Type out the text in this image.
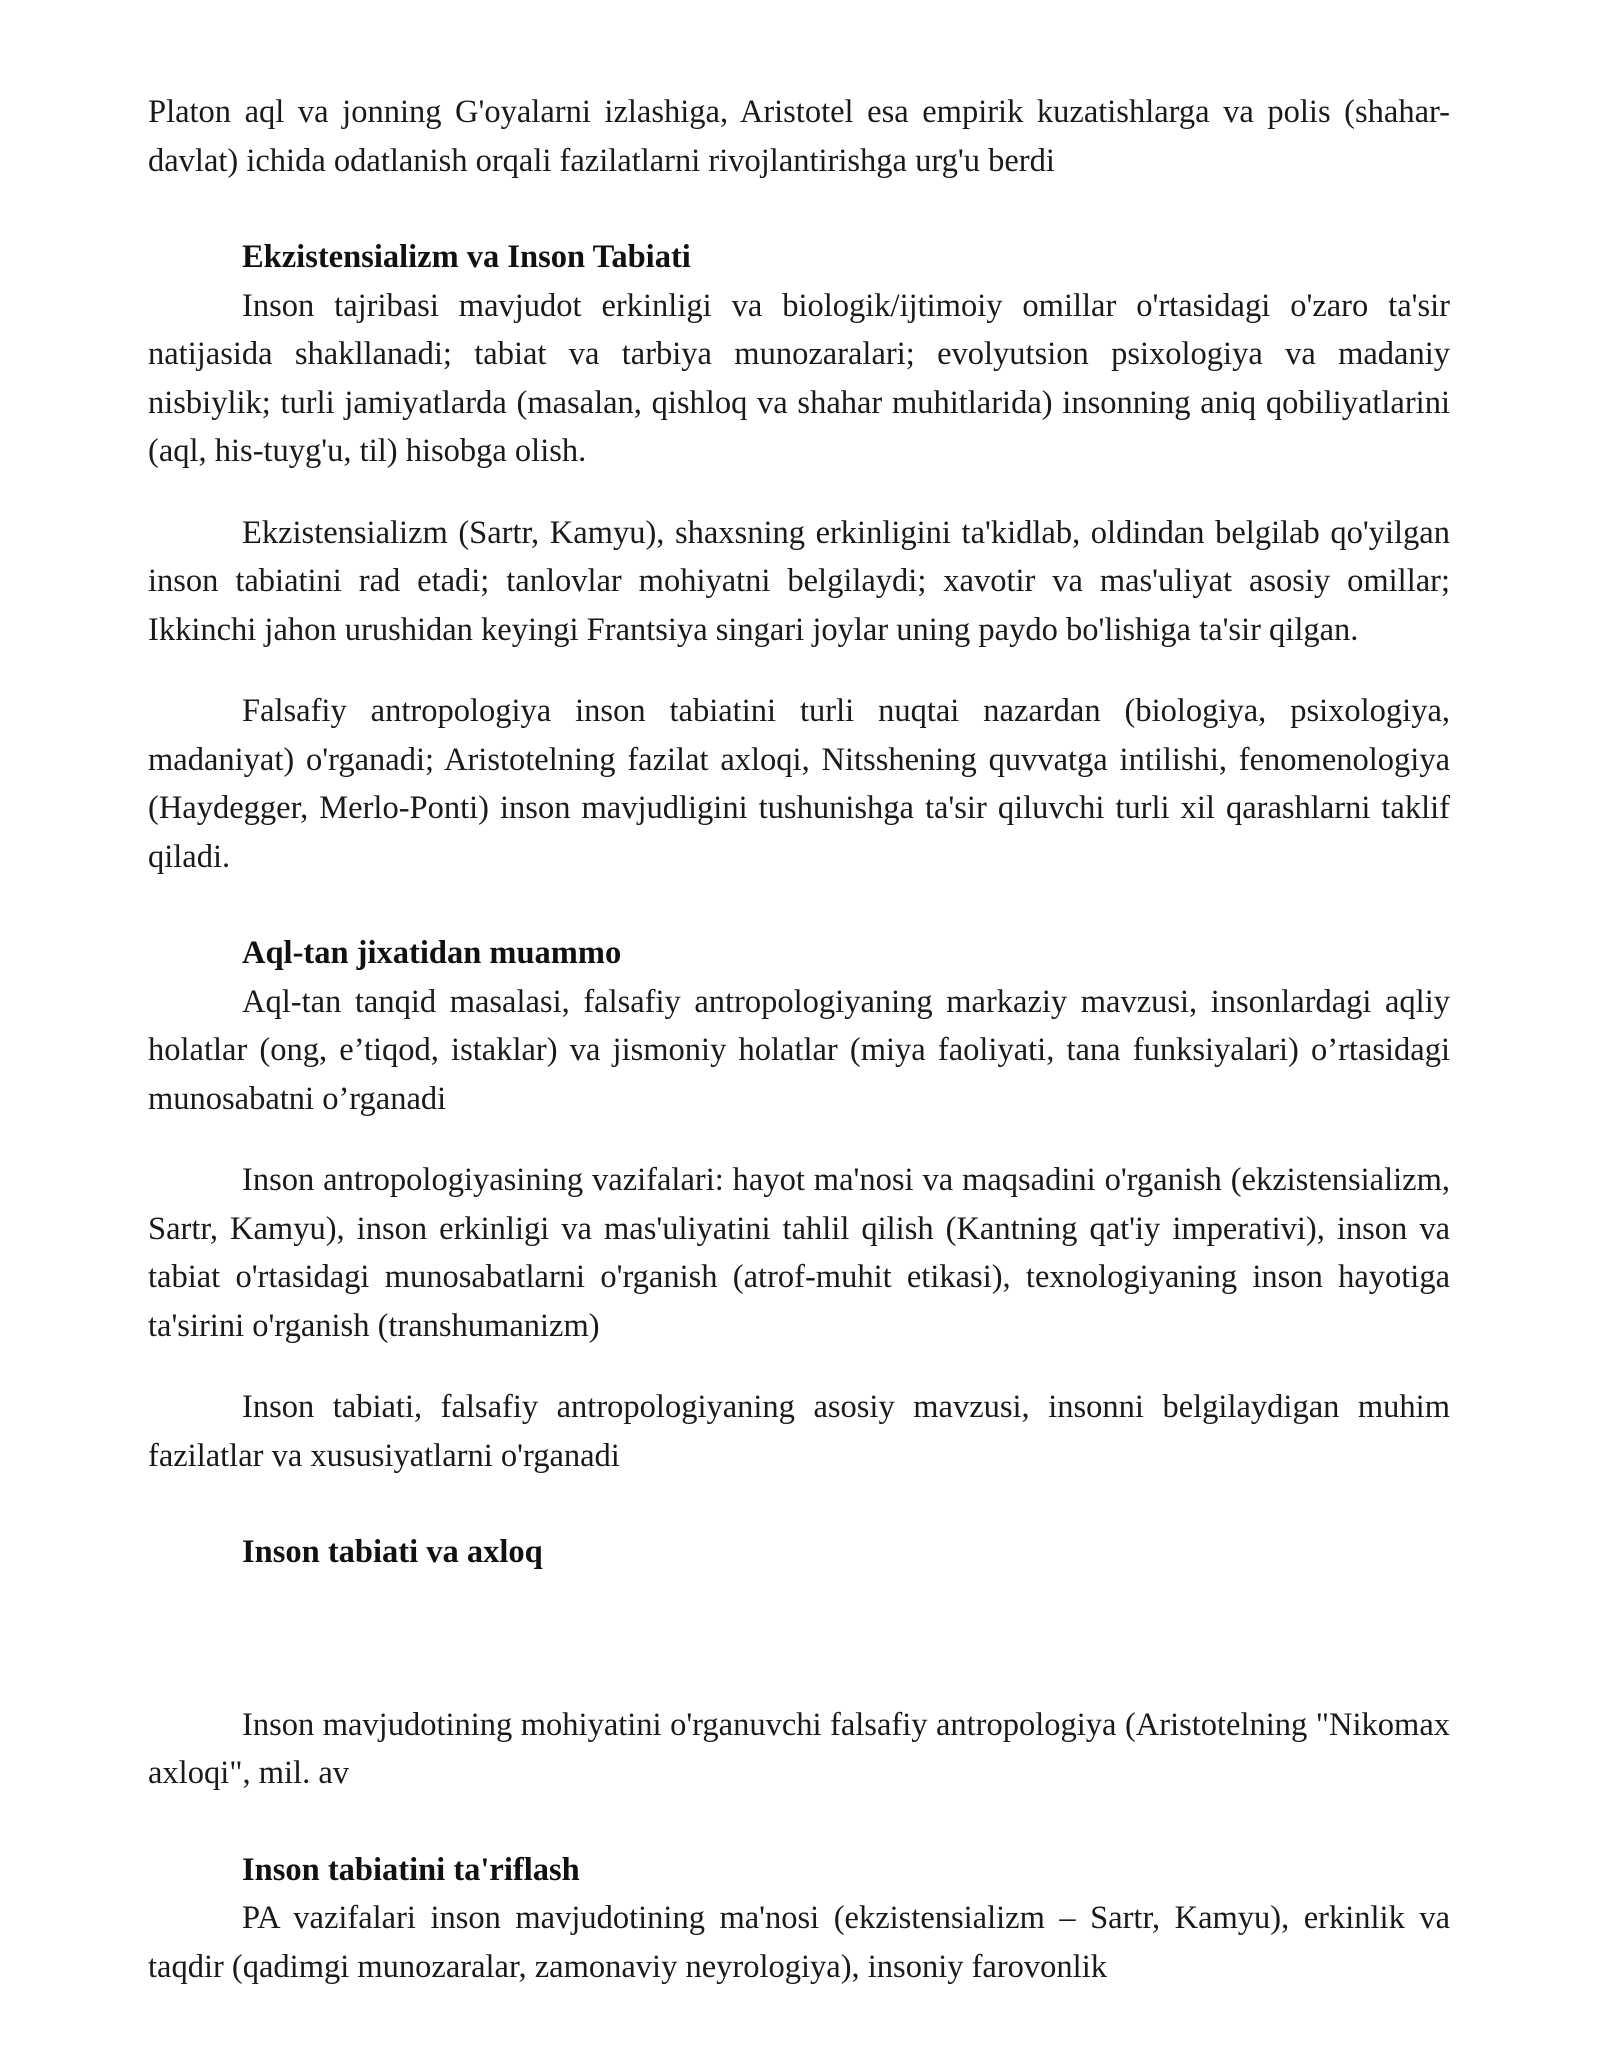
Platon aql va jonning G'oyalarni izlashiga, Aristotel esa empirik kuzatishlarga va polis (shahar-davlat) ichida odatlanish orqali fazilatlarni rivojlantirishga urg'u berdi

Ekzistensializm va Inson Tabiati

Inson tajribasi mavjudot erkinligi va biologik/ijtimoiy omillar o'rtasidagi o'zaro ta'sir natijasida shakllanadi; tabiat va tarbiya munozaralari; evolyutsion psixologiya va madaniy nisbiylik; turli jamiyatlarda (masalan, qishloq va shahar muhitlarida) insonning aniq qobiliyatlarini (aql, his-tuyg'u, til) hisobga olish.

Ekzistensializm (Sartr, Kamyu), shaxsning erkinligini ta'kidlab, oldindan belgilab qo'yilgan inson tabiatini rad etadi; tanlovlar mohiyatni belgilaydi; xavotir va mas'uliyat asosiy omillar; Ikkinchi jahon urushidan keyingi Frantsiya singari joylar uning paydo bo'lishiga ta'sir qilgan.

Falsafiy antropologiya inson tabiatini turli nuqtai nazardan (biologiya, psixologiya, madaniyat) o'rganadi; Aristotelning fazilat axloqi, Nitsshening quvvatga intilishi, fenomenologiya (Haydegger, Merlo-Ponti) inson mavjudligini tushunishga ta'sir qiluvchi turli xil qarashlarni taklif qiladi.

Aql-tan jixatidan muammo

Aql-tan tanqid masalasi, falsafiy antropologiyaning markaziy mavzusi, insonlardagi aqliy holatlar (ong, e’tiqod, istaklar) va jismoniy holatlar (miya faoliyati, tana funksiyalari) o’rtasidagi munosabatni o’rganadi

Inson antropologiyasining vazifalari: hayot ma'nosi va maqsadini o'rganish (ekzistensializm, Sartr, Kamyu), inson erkinligi va mas'uliyatini tahlil qilish (Kantning qat'iy imperativi), inson va tabiat o'rtasidagi munosabatlarni o'rganish (atrof-muhit etikasi), texnologiyaning inson hayotiga ta'sirini o'rganish (transhumanizm)

Inson tabiati, falsafiy antropologiyaning asosiy mavzusi, insonni belgilaydigan muhim fazilatlar va xususiyatlarni o'rganadi

Inson tabiati va axloq

Inson mavjudotining mohiyatini o'rganuvchi falsafiy antropologiya (Aristotelning "Nikomax axloqi", mil. av

Inson tabiatini ta'riflash

PA vazifalari inson mavjudotining ma'nosi (ekzistensializm – Sartr, Kamyu), erkinlik va taqdir (qadimgi munozaralar, zamonaviy neyrologiya), insoniy farovonlik
